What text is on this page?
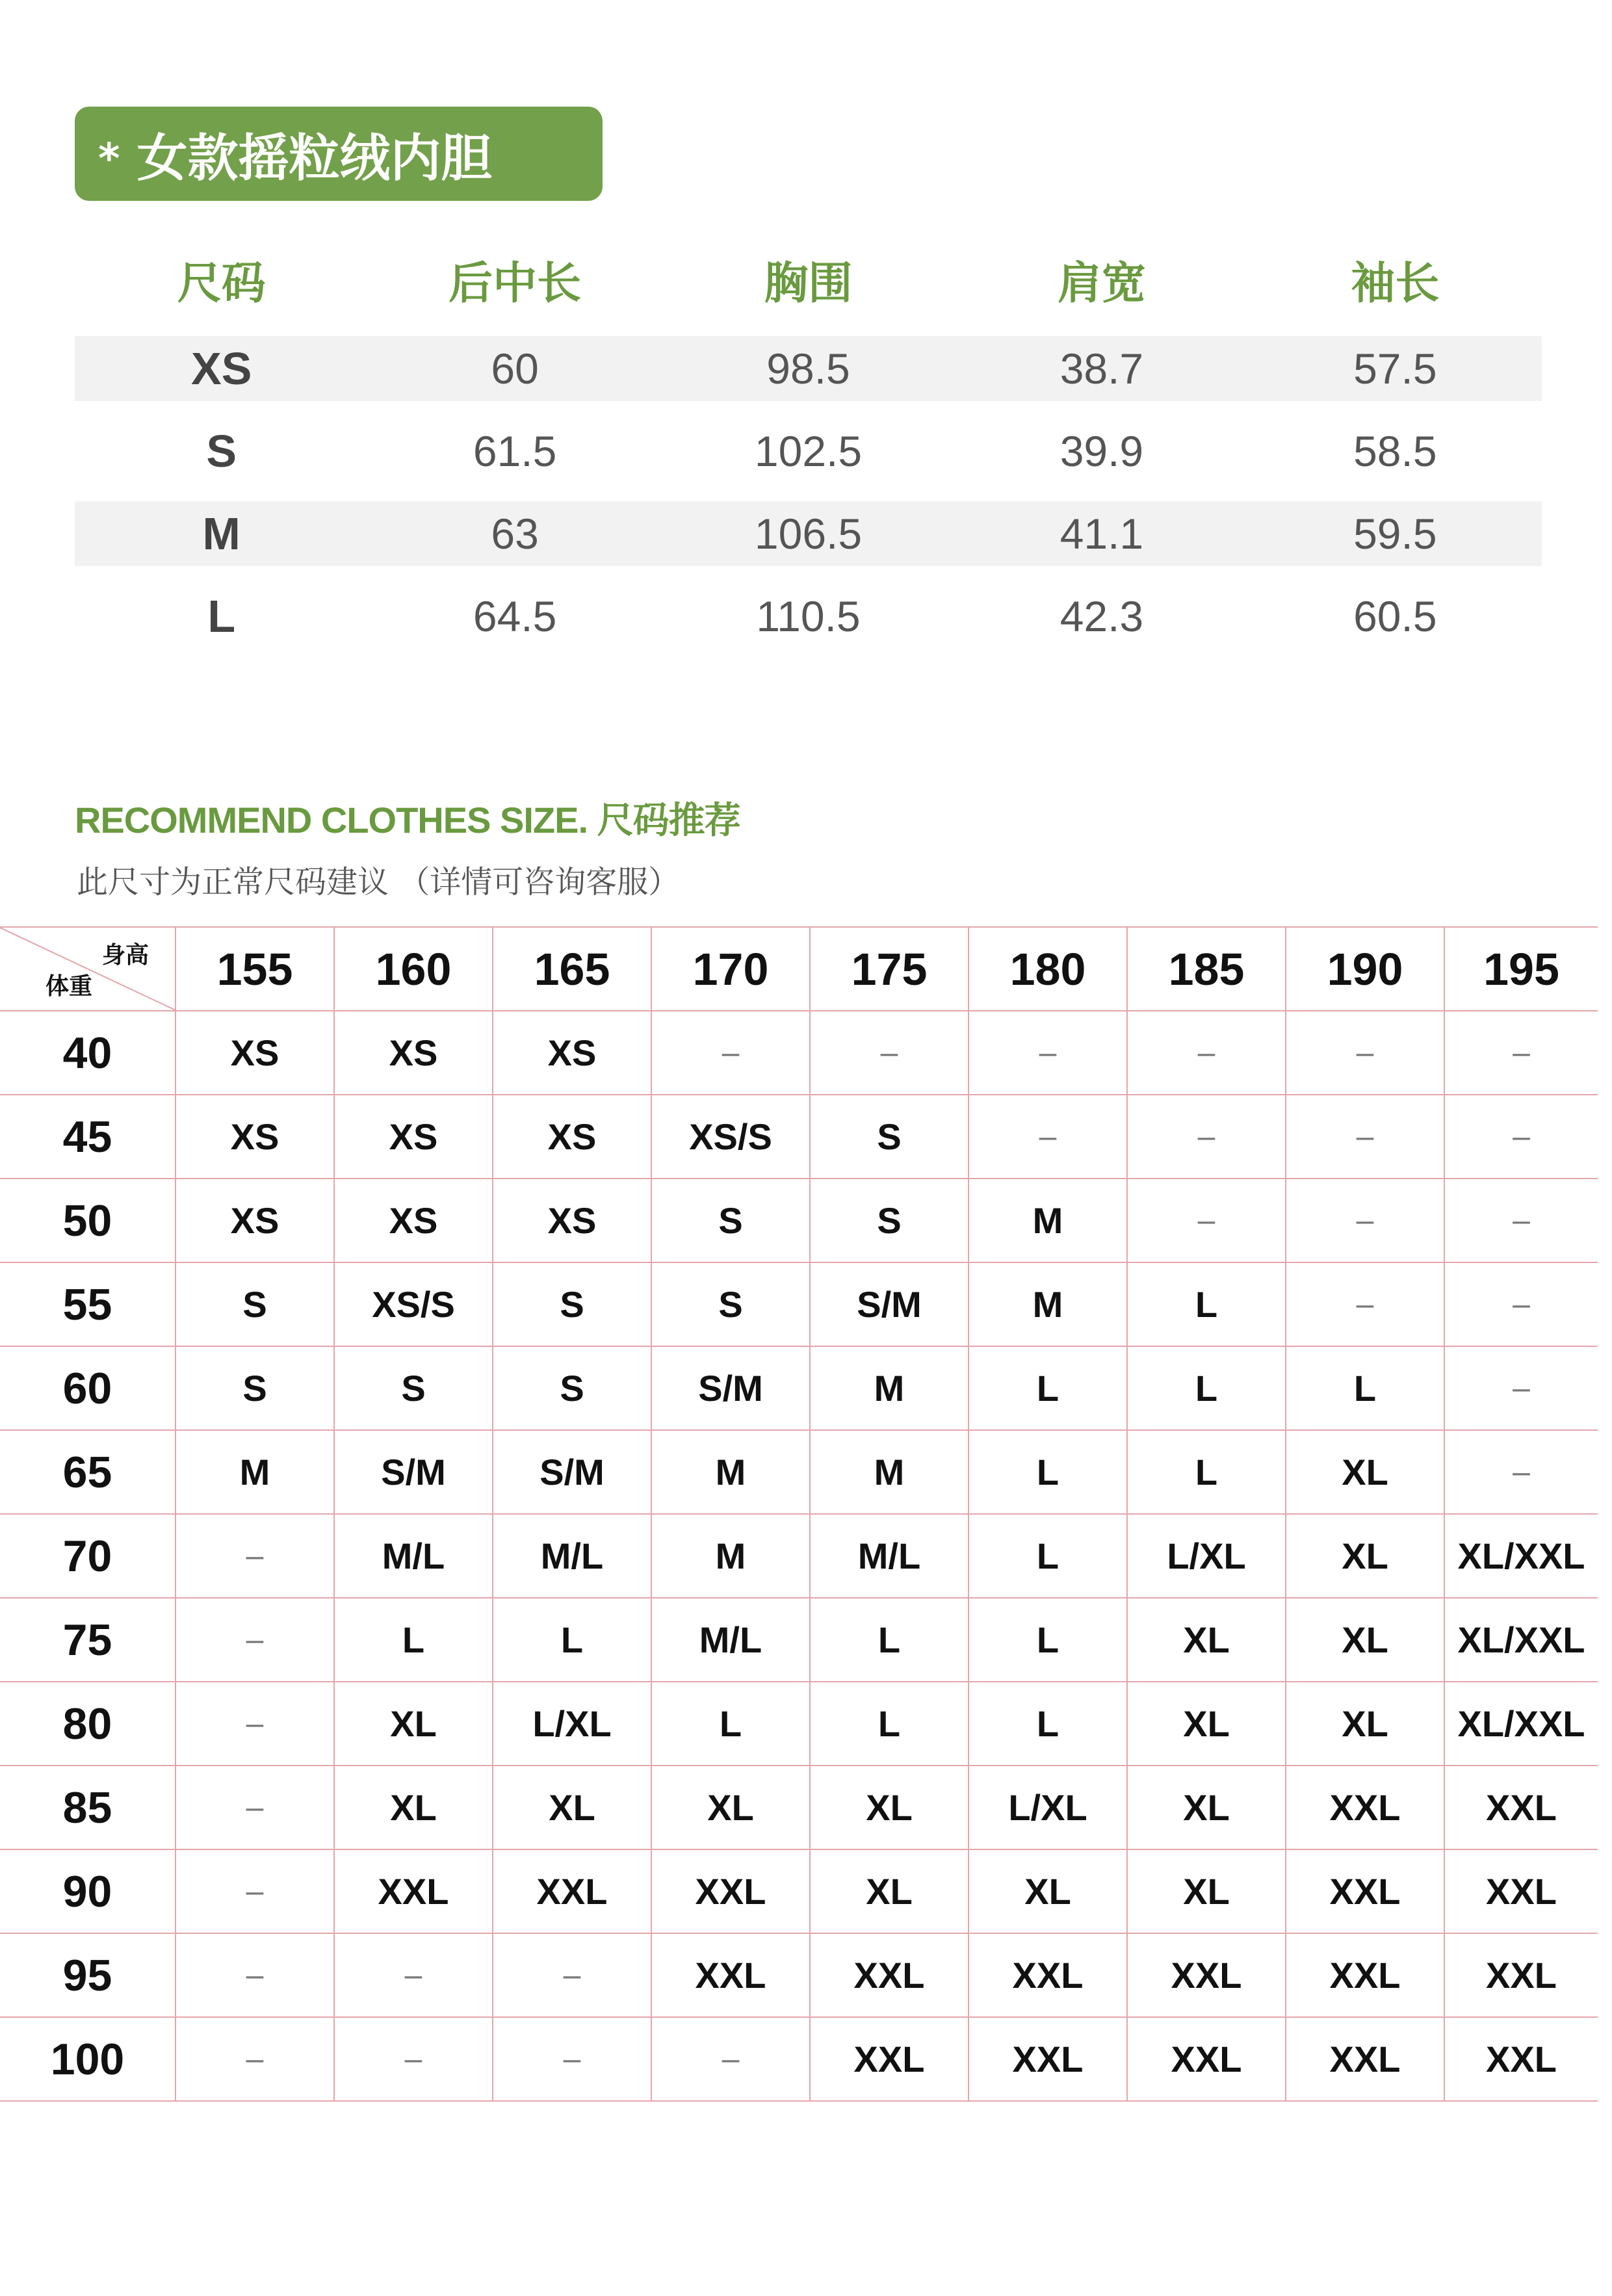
* 女款摇粒绒内胆
尺码	后中长	胸围	肩宽	袖长
XS	60	98.5	38.7	57.5
S	61.5	102.5	39.9	58.5
M	63	106.5	41.1	59.5
L	64.5	110.5	42.3	60.5
RECOMMEND CLOTHES SIZE. 尺码推荐
此尺寸为正常尺码建议 （详情可咨询客服）
身高
体重	155	160	165	170	175	180	185	190	195
40	XS	XS	XS	–	–	–	–	–	–
45	XS	XS	XS	XS/S	S	–	–	–	–
50	XS	XS	XS	S	S	M	–	–	–
55	S	XS/S	S	S	S/M	M	L	–	–
60	S	S	S	S/M	M	L	L	L	–
65	M	S/M	S/M	M	M	L	L	XL	–
70	–	M/L	M/L	M	M/L	L	L/XL	XL	XL/XXL
75	–	L	L	M/L	L	L	XL	XL	XL/XXL
80	–	XL	L/XL	L	L	L	XL	XL	XL/XXL
85	–	XL	XL	XL	XL	L/XL	XL	XXL	XXL
90	–	XXL	XXL	XXL	XL	XL	XL	XXL	XXL
95	–	–	–	XXL	XXL	XXL	XXL	XXL	XXL
100	–	–	–	–	XXL	XXL	XXL	XXL	XXL
